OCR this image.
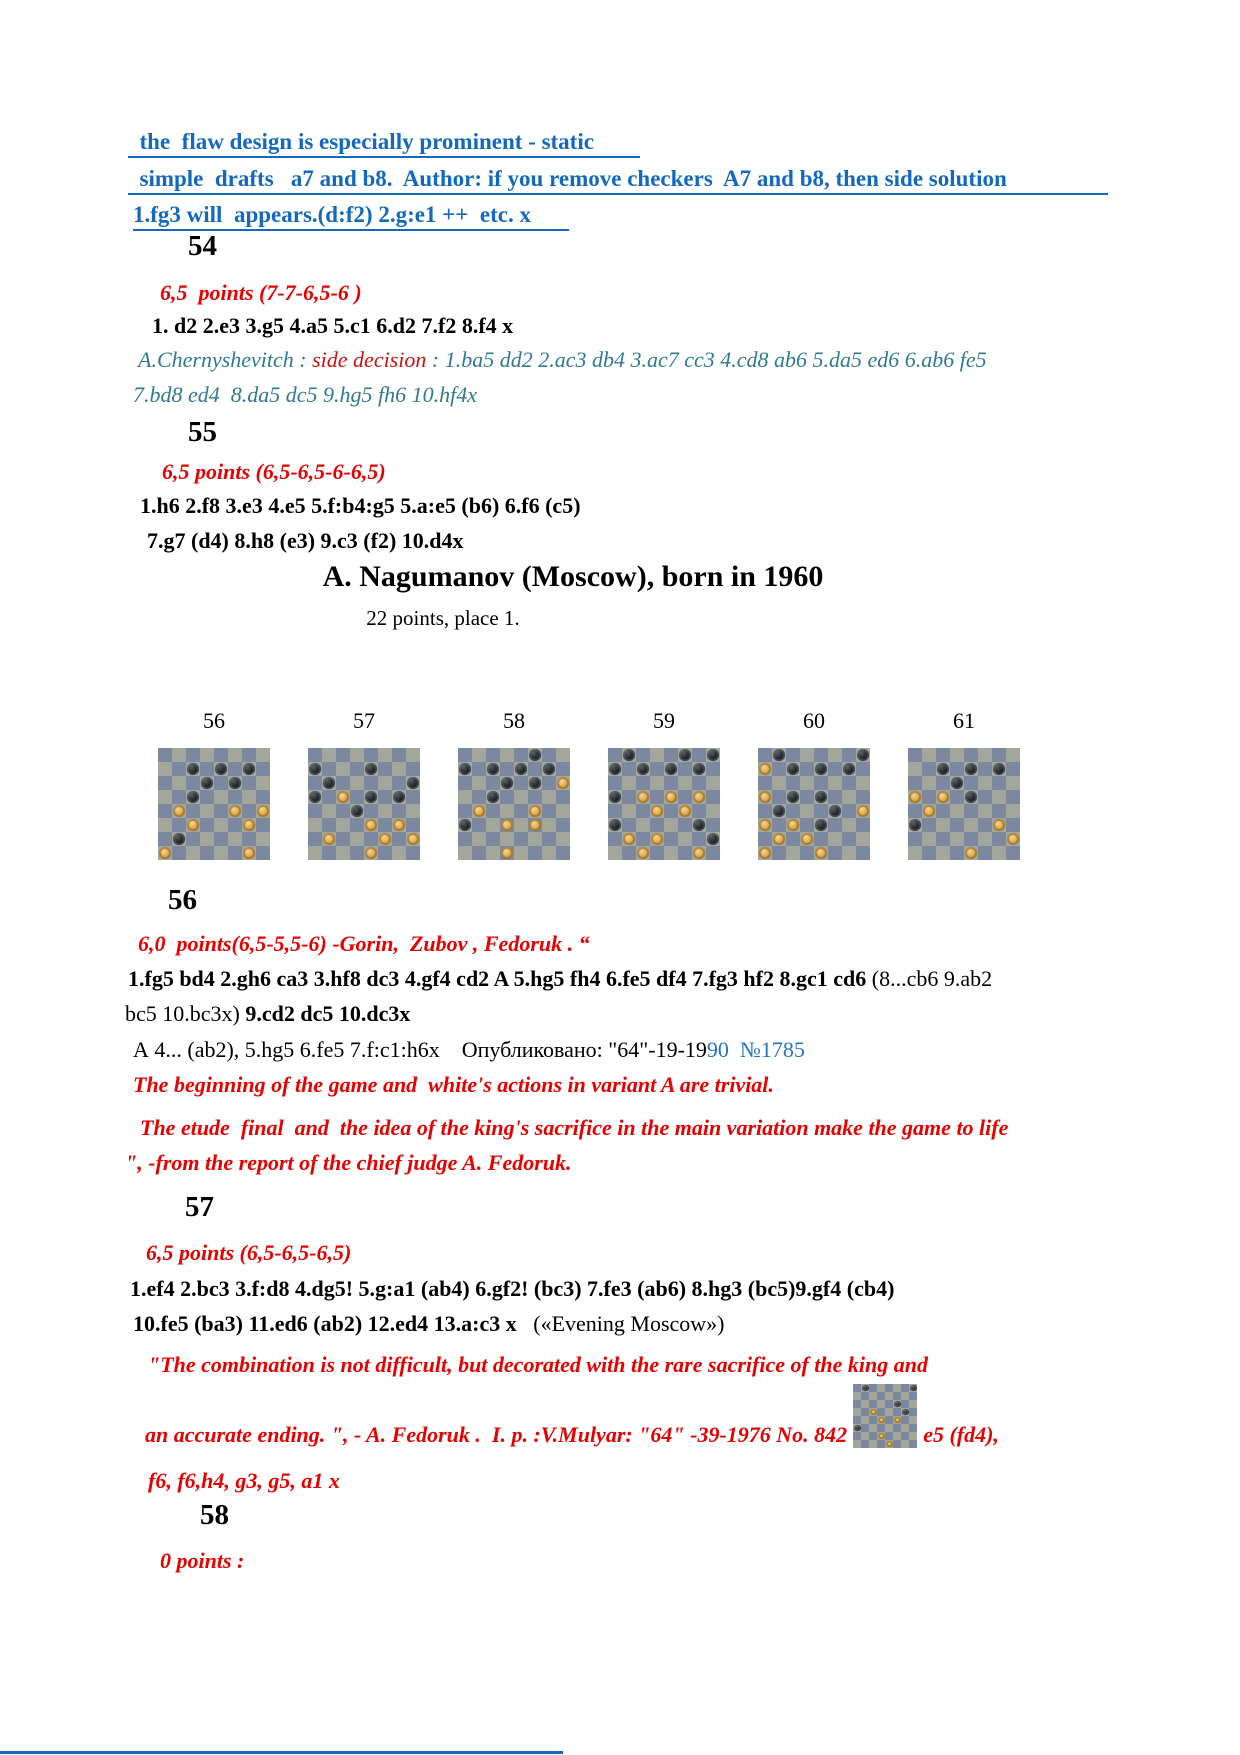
the  flaw design is especially prominent - static
simple  drafts   a7 and b8.  Author: if you remove checkers  A7 and b8, then side solution
1.fg3 will  appears.(d:f2) 2.g:e1 ++  etc. x
54
6,5  points (7-7-6,5-6 )
1. d2 2.e3 3.g5 4.a5 5.c1 6.d2 7.f2 8.f4 x
A.Chernyshevitch : side decision : 1.ba5 dd2 2.ac3 db4 3.ac7 cc3 4.cd8 ab6 5.da5 ed6 6.ab6 fe5
7.bd8 ed4  8.da5 dc5 9.hg5 fh6 10.hf4x
55
6,5 points (6,5-6,5-6-6,5)
1.h6 2.f8 3.e3 4.e5 5.f:b4:g5 5.a:e5 (b6) 6.f6 (c5)
7.g7 (d4) 8.h8 (e3) 9.c3 (f2) 10.d4x
A. Nagumanov (Moscow), born in 1960
22 points, place 1.
56	57	58	59	60	61
56
6,0  points(6,5-5,5-6) -Gorin,  Zubov , Fedoruk . “
1.fg5 bd4 2.gh6 ca3 3.hf8 dc3 4.gf4 cd2 A 5.hg5 fh4 6.fe5 df4 7.fg3 hf2 8.gc1 cd6 (8...cb6 9.ab2
bc5 10.bc3x) 9.cd2 dc5 10.dc3x
А 4... (ab2), 5.hg5 6.fe5 7.f:c1:h6x    Опубликовано: "64"-19-1990  №1785
The beginning of the game and  white's actions in variant A are trivial.
The etude  final  and  the idea of the king's sacrifice in the main variation make the game to life
", -from the report of the chief judge A. Fedoruk.
57
6,5 points (6,5-6,5-6,5)
1.ef4 2.bc3 3.f:d8 4.dg5! 5.g:a1 (ab4) 6.gf2! (bc3) 7.fe3 (ab6) 8.hg3 (bc5)9.gf4 (cb4)
10.fe5 (ba3) 11.ed6 (ab2) 12.ed4 13.a:c3 x   («Evening Moscow»)
"The combination is not difficult, but decorated with the rare sacrifice of the king and
an accurate ending. ", - A. Fedoruk .  I. p. :V.Mulyar: "64" -39-1976 No. 842	e5 (fd4),
f6, f6,h4, g3, g5, a1 x
58
0 points :
